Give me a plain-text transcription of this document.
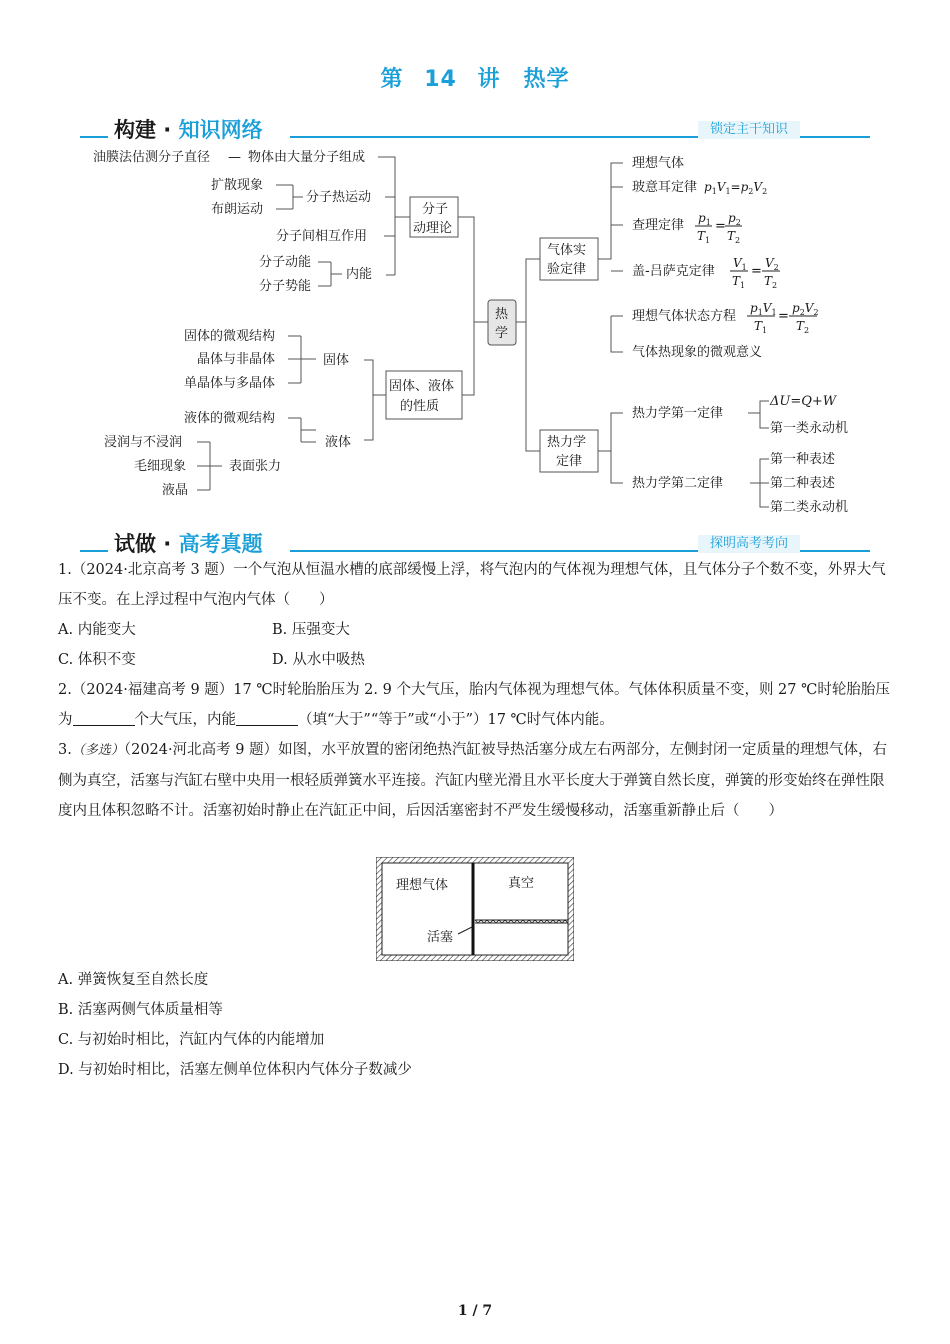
第 14 讲　热学
构建 · 知识网络	锁定主干知识
热
学
分子
动理论
油膜法估测分子直径 — 物体由大量分子组成
扩散现象
布朗运动
分子热运动
分子间相互作用
分子动能
分子势能
内能
固体、液体
的性质
固体的微观结构
晶体与非晶体
单晶体与多晶体
固体
液体的微观结构
浸润与不浸润
毛细现象
液晶
表面张力
液体
气体实
验定律
理想气体
玻意耳定律 $p_1V_1=p_2V_2$
查理定律 $p_1$
$T_1$
=
$p_2$
$T_2$
盖-吕萨克定律
$V_1$
$T_1$
=
$V_2$
$T_2$
理想气体状态方程
$p_1V_1$
$T_1$
=
$p_2V_2$
$T_2$
气体热现象的微观意义
热力学
定律
热力学第一定律
ΔU=Q+W
第一类永动机
热力学第二定律
第一种表述
第二种表述
第二类永动机
试做 · 高考真题	探明高考考向

1.（2024·北京高考 3 题）一个气泡从恒温水槽的底部缓慢上浮，将气泡内的气体视为理想气体，且气体分子个数不变，外界大气压不变。在上浮过程中气泡内气体（　　）

A. 内能变大	B. 压强变大
C. 体积不变	D. 从水中吸热

2.（2024·福建高考 9 题）17 ℃时轮胎胎压为 2. 9 个大气压，胎内气体视为理想气体。气体体积质量不变，则 27 ℃时轮胎胎压为	个大气压，内能	（填“大于”“等于”或“小于”）17 ℃时气体内能。

3.（多选）（2024·河北高考 9 题）如图，水平放置的密闭绝热汽缸被导热活塞分成左右两部分，左侧封闭一定质量的理想气体，右侧为真空，活塞与汽缸右壁中央用一根轻质弹簧水平连接。汽缸内壁光滑且水平长度大于弹簧自然长度，弹簧的形变始终在弹性限度内且体积忽略不计。活塞初始时静止在汽缸正中间，后因活塞密封不严发生缓慢移动，活塞重新静止后（　　）

理想气体	真空
活塞
A. 弹簧恢复至自然长度
B. 活塞两侧气体质量相等
C. 与初始时相比，汽缸内气体的内能增加
D. 与初始时相比，活塞左侧单位体积内气体分子数减少
1 / 7
